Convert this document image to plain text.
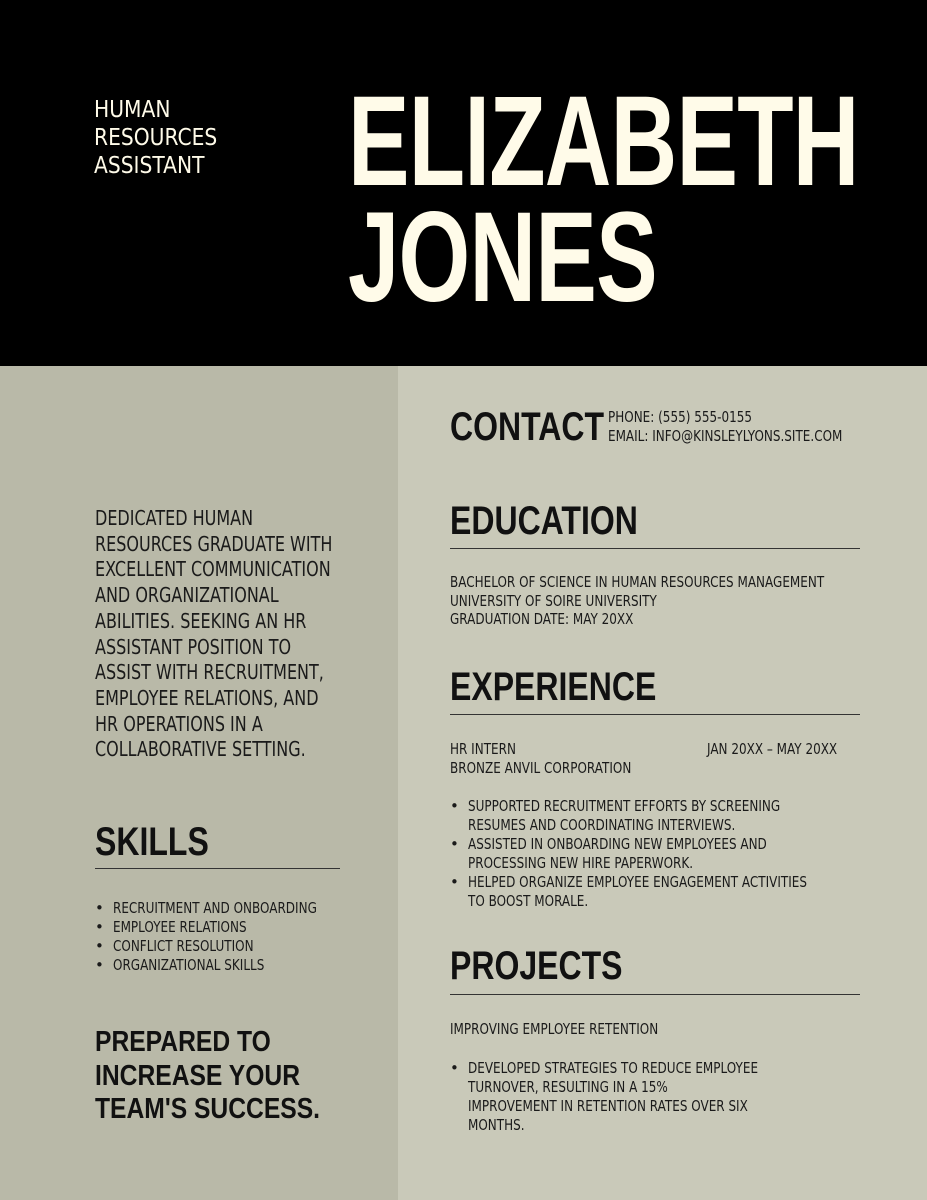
HUMAN
RESOURCES
ASSISTANT	ELIZABETH
JONES
DEDICATED HUMAN
RESOURCES GRADUATE WITH
EXCELLENT COMMUNICATION
AND ORGANIZATIONAL
ABILITIES. SEEKING AN HR
ASSISTANT POSITION TO
ASSIST WITH RECRUITMENT,
EMPLOYEE RELATIONS, AND
HR OPERATIONS IN A
COLLABORATIVE SETTING.
SKILLS
• RECRUITMENT AND ONBOARDING
• EMPLOYEE RELATIONS
• CONFLICT RESOLUTION
• ORGANIZATIONAL SKILLS
PREPARED TO
INCREASE YOUR
TEAM'S SUCCESS.
CONTACT PHONE: (555) 555-0155
EMAIL: INFO@KINSLEYLYONS.SITE.COM
EDUCATION
BACHELOR OF SCIENCE IN HUMAN RESOURCES MANAGEMENT
UNIVERSITY OF SOIRE UNIVERSITY
GRADUATION DATE: MAY 20XX
EXPERIENCE
HR INTERN	JAN 20XX – MAY 20XX
BRONZE ANVIL CORPORATION
• SUPPORTED RECRUITMENT EFFORTS BY SCREENING
RESUMES AND COORDINATING INTERVIEWS.
• ASSISTED IN ONBOARDING NEW EMPLOYEES AND
PROCESSING NEW HIRE PAPERWORK.
• HELPED ORGANIZE EMPLOYEE ENGAGEMENT ACTIVITIES
TO BOOST MORALE.
PROJECTS
IMPROVING EMPLOYEE RETENTION
• DEVELOPED STRATEGIES TO REDUCE EMPLOYEE
TURNOVER, RESULTING IN A 15%
IMPROVEMENT IN RETENTION RATES OVER SIX
MONTHS.
